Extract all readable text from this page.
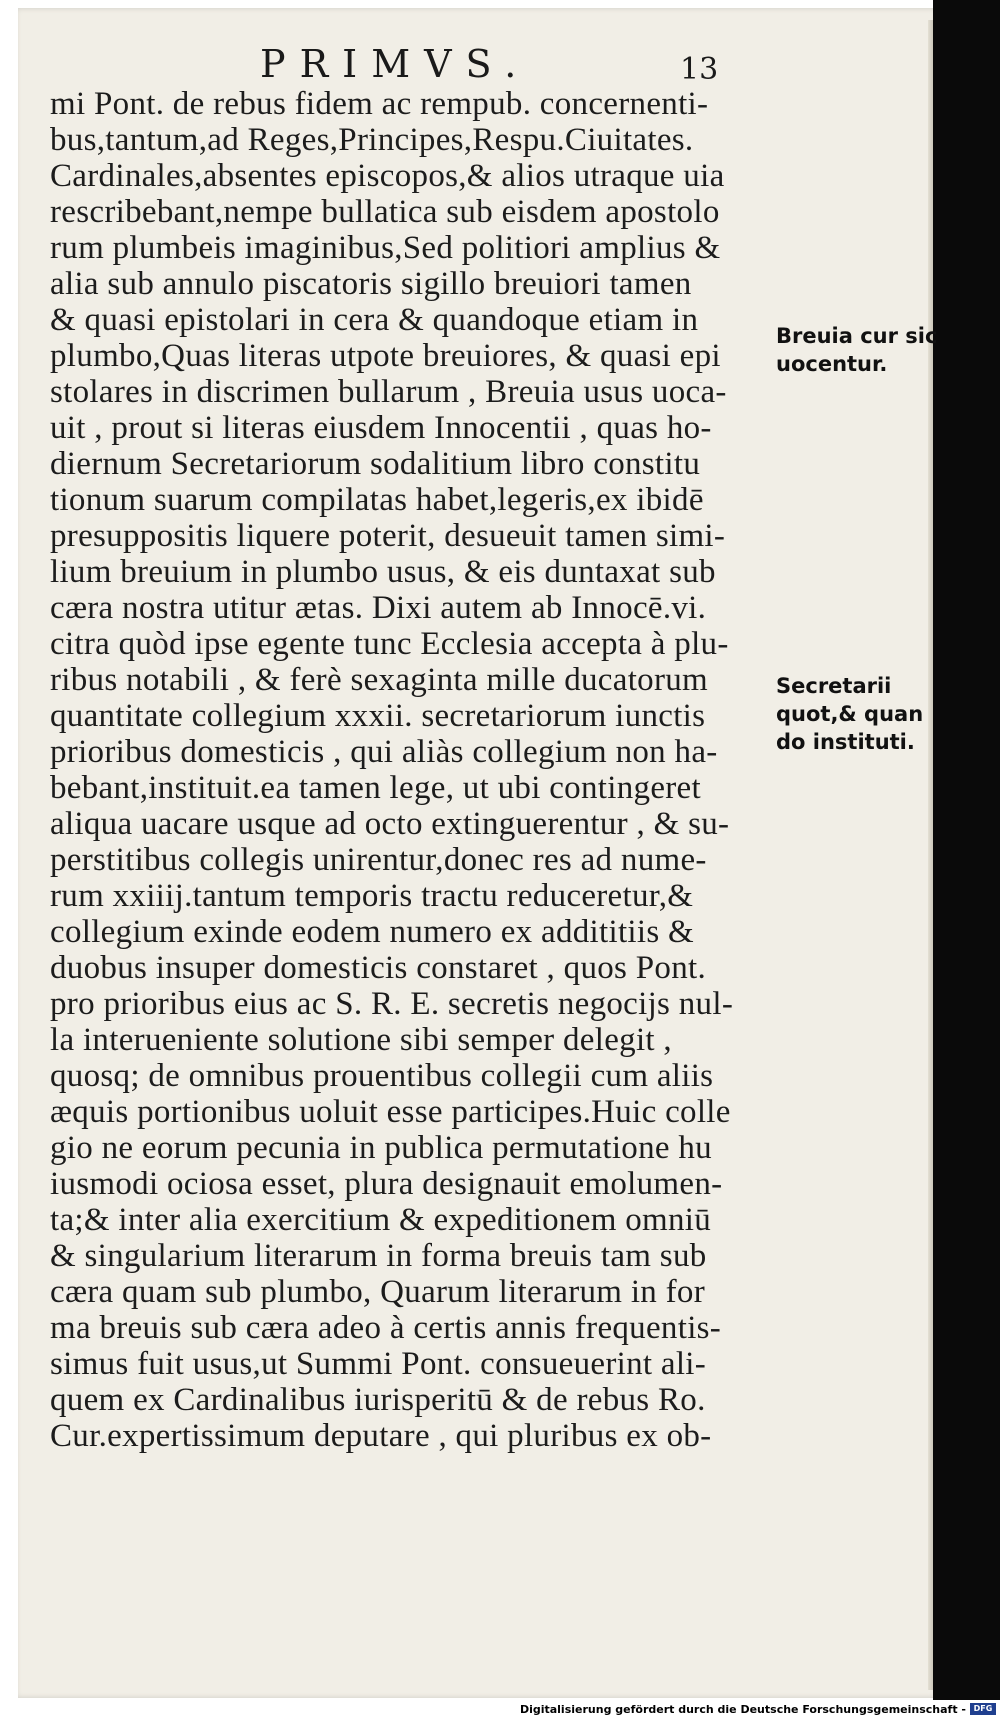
PRIMVS.	13
mi Pont. de rebus fidem ac rempub. concernenti-
bus,tantum,ad Reges,Principes,Respu.Ciuitates.
Cardinales,absentes episcopos,& alios utraque uia
rescribebant,nempe bullatica sub eisdem apostolo
rum plumbeis imaginibus,Sed politiori amplius &
alia sub annulo piscatoris sigillo breuiori tamen
& quasi epistolari in cera & quandoque etiam in
plumbo,Quas literas utpote breuiores, & quasi epi
stolares in discrimen bullarum , Breuia usus uoca-
uit , prout si literas eiusdem Innocentii , quas ho-
diernum Secretariorum sodalitium libro constitu
tionum suarum compilatas habet,legeris,ex ibidē
presuppositis liquere poterit, desueuit tamen simi-
lium breuium in plumbo usus, & eis duntaxat sub
cæra nostra utitur ætas. Dixi autem ab Innocē.vi.
citra quòd ipse egente tunc Ecclesia accepta à plu-
ribus notabili , & ferè sexaginta mille ducatorum
quantitate collegium xxxii. secretariorum iunctis
prioribus domesticis , qui aliàs collegium non ha-
bebant,instituit.ea tamen lege, ut ubi contingeret
aliqua uacare usque ad octo extinguerentur , & su-
perstitibus collegis unirentur,donec res ad nume-
rum xxiiij.tantum temporis tractu reduceretur,&
collegium exinde eodem numero ex addititiis &
duobus insuper domesticis constaret , quos Pont.
pro prioribus eius ac S. R. E. secretis negocijs nul-
la interueniente solutione sibi semper delegit ,
quosq; de omnibus prouentibus collegii cum aliis
æquis portionibus uoluit esse participes.Huic colle
gio ne eorum pecunia in publica permutatione hu
iusmodi ociosa esset, plura designauit emolumen-
ta;& inter alia exercitium & expeditionem omniū
& singularium literarum in forma breuis tam sub
cæra quam sub plumbo, Quarum literarum in for
ma breuis sub cæra adeo à certis annis frequentis-
simus fuit usus,ut Summi Pont. consueuerint ali-
quem ex Cardinalibus iurisperitū & de rebus Ro.
Cur.expertissimum deputare , qui pluribus ex ob-
Breuia cur sic
uocentur.
Secretarii
quot,& quan
do instituti.
Digitalisierung gefördert durch die Deutsche Forschungsgemeinschaft - DFG
